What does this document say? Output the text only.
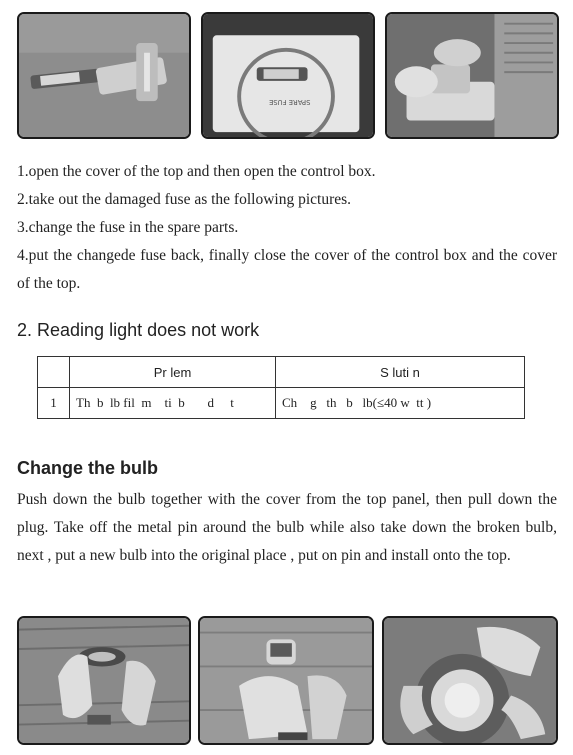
SPARE FUSE

1.open the cover of the top and then open the control box.

2.take out the damaged fuse as the following pictures.

3.change the fuse in the spare parts.

4.put the changede fuse back, finally close the cover of the control box and the cover of the top.

2. Reading light does not work
	Pr lem	S luti n
1	Th  b  lb fil  m    ti  b       d     t	Ch    g   th   b   lb(≤40 w  tt )
Change the bulb

Push down the bulb together with the cover from the top panel, then pull down the plug. Take off the metal pin around the bulb while also take down the broken bulb, next , put a new bulb into the original place , put on pin and install onto the top.
